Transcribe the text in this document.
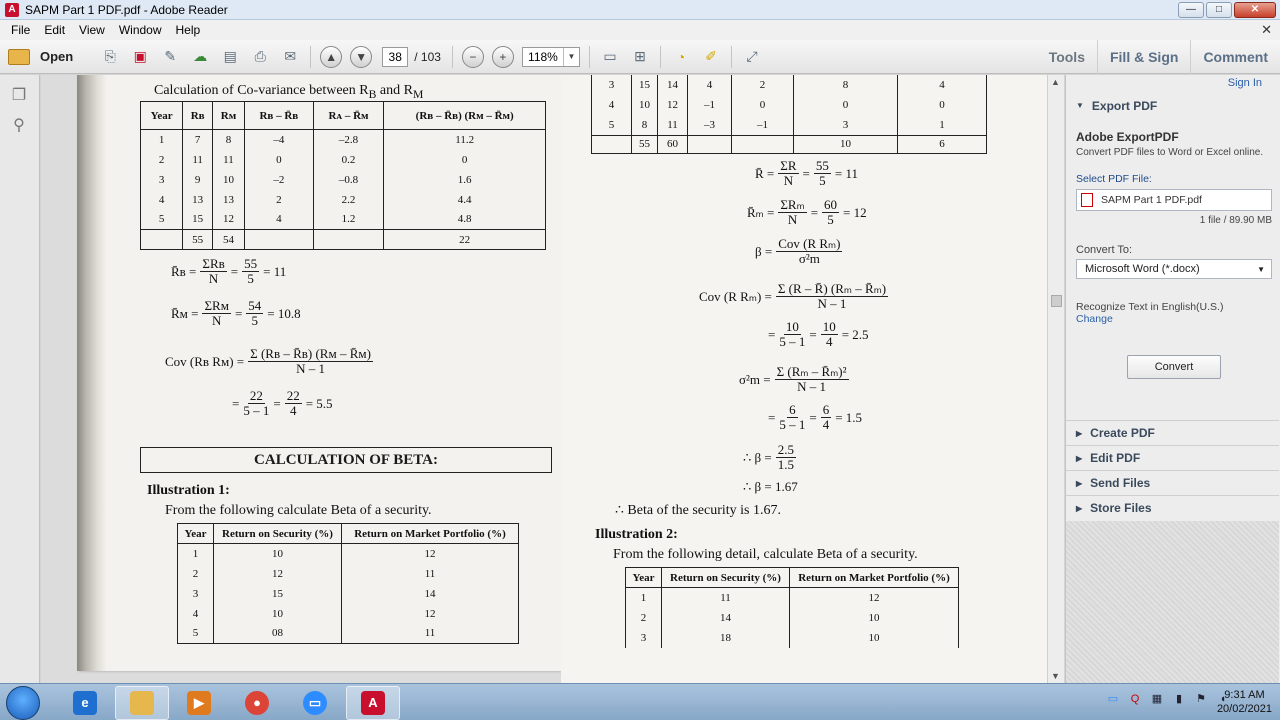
A SAPM Part 1 PDF.pdf - Adobe Reader	—	□	✕
File	Edit	View	Window	Help	✕
Open	⎘	▣	✎	☁	▤	⎙	✉	▲	▼	38	/ 103	−	+	118%	▼	▭	⊞	◔	✐	⤢	Tools	Fill & Sign	Comment
❐
⚲
Calculation of Co-variance between $R_B$ and $R_M$
Year	Rʙ	Rᴍ	Rʙ – R̄ʙ	Rᴀ – R̄ᴍ	(Rʙ – R̄ʙ) (Rᴍ – R̄ᴍ)
1	7	8	–4	–2.8	11.2
2	11	11	0	0.2	0
3	9	10	–2	–0.8	1.6
4	13	13	2	2.2	4.4
5	15	12	4	1.2	4.8
	55	54			22
R̄ʙ = $\frac{\text{ΣRʙ}}{N} = \frac{55}{5} = 11$
R̄ᴍ = $\frac{\text{ΣRᴍ}}{N} = \frac{54}{5} = 10.8$
Cov (Rʙ Rᴍ) = $\frac{\text{Σ (Rʙ – R̄ʙ) (Rᴍ – R̄ᴍ)}}{N - 1}$
= $\frac{22}{5 - 1} = \frac{22}{4} = 5.5$
CALCULATION OF BETA:
Illustration 1:
From the following calculate Beta of a security.
Year	Return on Security (%)	Return on Market Portfolio (%)
1	10	12
2	12	11
3	15	14
4	10	12
5	08	11
3	15	14	4	2	8	4
4	10	12	–1	0	0	0
5	8	11	–3	–1	3	1
	55	60			10	6
R̄ = $\frac{\Sigma R}{N} = \frac{55}{5} = 11$
R̄ₘ = $\frac{\text{ΣRₘ}}{N} = \frac{60}{5} = 12$
$\beta = \frac{\text{Cov (R Rₘ)}}{\text{σ²m}}$
Cov (R $R_m) = \frac{\text{Σ (R – R̄) (Rₘ – R̄ₘ)}}{N - 1}$
= $\frac{10}{5 - 1} = \frac{10}{4} = 2.5$
$\sigma^2m = \frac{\text{Σ (Rₘ – R̄ₘ)²}}{N - 1}$
= $\frac{6}{5 - 1} = \frac{6}{4} = 1.5$
∴ $\beta = \frac{2.5}{1.5}$
∴ β = 1.67
∴ Beta of the security is 1.67.
Illustration 2:
From the following detail, calculate Beta of a security.
Year	Return on Security (%)	Return on Market Portfolio (%)
1	11	12
2	14	10
3	18	10
▲
▼
Sign In
▼ Export PDF
Adobe ExportPDF
Convert PDF files to Word or Excel online.
Select PDF File:
SAPM Part 1 PDF.pdf
1 file / 89.90 MB
Convert To:
Microsoft Word (*.docx)	▼
Recognize Text in English(U.S.)
Change
Convert
▶ Create PDF
▶ Edit PDF
▶ Send Files
▶ Store Files
e	▶	●	▭	A	▭ Q ▦	▮	⚑	◖
9:31 AM
20/02/2021
